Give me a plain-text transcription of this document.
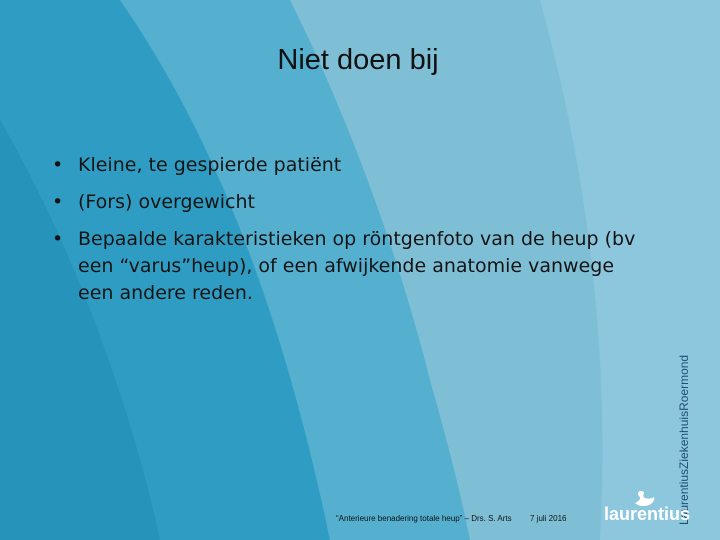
Niet doen bij
• Kleine, te gespierde patiënt
• (Fors) overgewicht
• Bepaalde karakteristieken op röntgenfoto van de heup (bv een “varus”heup), of een afwijkende anatomie vanwege een andere reden.
“Anterieure benadering totale heup” – Drs. S. Arts 7 juli 2016	LaurentiusZiekenhuisRoermond
laurentius
